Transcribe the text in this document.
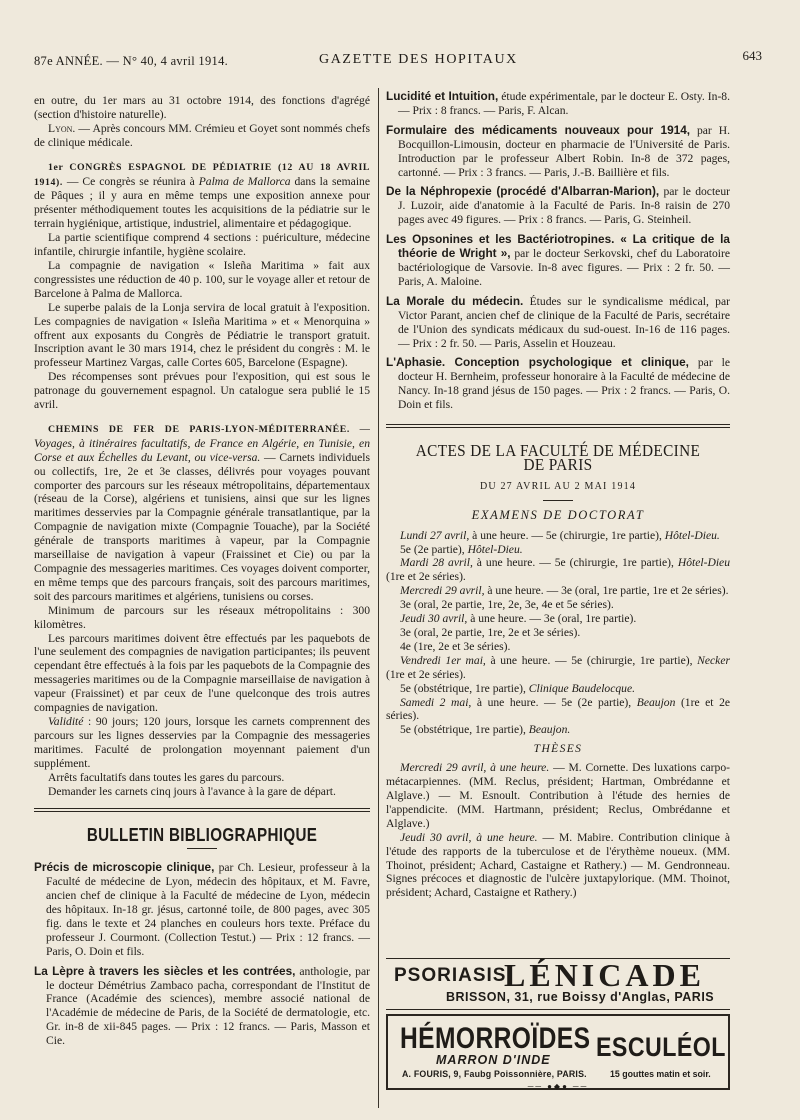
87e ANNÉE. — N° 40, 4 avril 1914.	GAZETTE DES HOPITAUX	643

en outre, du 1er mars au 31 octobre 1914, des fonctions d'agrégé (section d'histoire naturelle).

Lyon. — Après concours MM. Crémieu et Goyet sont nommés chefs de clinique médicale.

1er CONGRÈS ESPAGNOL DE PÉDIATRIE (12 AU 18 AVRIL 1914). — Ce congrès se réunira à Palma de Mallorca dans la semaine de Pâques ; il y aura en même temps une exposition annexe pour présenter méthodiquement toutes les acquisitions de la pédiatrie sur le terrain hygiénique, artistique, industriel, alimentaire et pédagogique.

La partie scientifique comprend 4 sections : puériculture, médecine infantile, chirurgie infantile, hygiène scolaire.

La compagnie de navigation « Isleña Maritima » fait aux congressistes une réduction de 40 p. 100, sur le voyage aller et retour de Barcelone à Palma de Mallorca.

Le superbe palais de la Lonja servira de local gratuit à l'exposition. Les compagnies de navigation « Isleña Maritima » et « Menorquina » offrent aux exposants du Congrès de Pédiatrie le transport gratuit. Inscription avant le 30 mars 1914, chez le président du congrès : M. le professeur Martinez Vargas, calle Cortes 605, Barcelone (Espagne).

Des récompenses sont prévues pour l'exposition, qui est sous le patronage du gouvernement espagnol. Un catalogue sera publié le 15 avril.

CHEMINS DE FER DE PARIS-LYON-MÉDITERRANÉE. — Voyages, à itinéraires facultatifs, de France en Algérie, en Tunisie, en Corse et aux Échelles du Levant, ou vice-versa. — Carnets individuels ou collectifs, 1re, 2e et 3e classes, délivrés pour voyages pouvant comporter des parcours sur les réseaux métropolitains, départementaux (réseau de la Corse), algériens et tunisiens, ainsi que sur les lignes maritimes desservies par la Compagnie générale transatlantique, par la Compagnie de navigation mixte (Compagnie Touache), par la Société générale de transports maritimes à vapeur, par la Compagnie marseillaise de navigation à vapeur (Fraissinet et Cie) ou par la Compagnie des messageries maritimes. Ces voyages doivent comporter, en même temps que des parcours français, soit des parcours maritimes, soit des parcours maritimes et algériens, tunisiens ou corses.

Minimum de parcours sur les réseaux métropolitains : 300 kilomètres.

Les parcours maritimes doivent être effectués par les paquebots de l'une seulement des compagnies de navigation participantes; ils peuvent cependant être effectués à la fois par les paquebots de la Compagnie des messageries maritimes ou de la Compagnie marseillaise de navigation à vapeur (Fraissinet) et par ceux de l'une quelconque des trois autres compagnies de navigation.

Validité : 90 jours; 120 jours, lorsque les carnets comprennent des parcours sur les lignes desservies par la Compagnie des messageries maritimes. Faculté de prolongation moyennant paiement d'un supplément.

Arrêts facultatifs dans toutes les gares du parcours.

Demander les carnets cinq jours à l'avance à la gare de départ.

BULLETIN BIBLIOGRAPHIQUE

Précis de microscopie clinique, par Ch. Lesieur, professeur à la Faculté de médecine de Lyon, médecin des hôpitaux, et M. Favre, ancien chef de clinique à la Faculté de médecine de Lyon, médecin des hôpitaux. In-18 gr. jésus, cartonné toile, de 800 pages, avec 305 fig. dans le texte et 24 planches en couleurs hors texte. Préface du professeur J. Courmont. (Collection Testut.) — Prix : 12 francs. — Paris, O. Doin et fils.

La Lèpre à travers les siècles et les contrées, anthologie, par le docteur Démétrius Zambaco pacha, correspondant de l'Institut de France (Académie des sciences), membre associé national de l'Académie de médecine de Paris, de la Société de dermatologie, etc. Gr. in-8 de xii-845 pages. — Prix : 12 francs. — Paris, Masson et Cie.

Lucidité et Intuition, étude expérimentale, par le docteur E. Osty. In-8. — Prix : 8 francs. — Paris, F. Alcan.

Formulaire des médicaments nouveaux pour 1914, par H. Bocquillon-Limousin, docteur en pharmacie de l'Université de Paris. Introduction par le professeur Albert Robin. In-8 de 372 pages, cartonné. — Prix : 3 francs. — Paris, J.-B. Baillière et fils.

De la Néphropexie (procédé d'Albarran-Marion), par le docteur J. Luzoir, aide d'anatomie à la Faculté de Paris. In-8 raisin de 270 pages avec 49 figures. — Prix : 8 francs. — Paris, G. Steinheil.

Les Opsonines et les Bactériotropines. « La critique de la théorie de Wright », par le docteur Serkovski, chef du Laboratoire bactériologique de Varsovie. In-8 avec figures. — Prix : 2 fr. 50. — Paris, A. Maloine.

La Morale du médecin. Études sur le syndicalisme médical, par Victor Parant, ancien chef de clinique de la Faculté de Paris, secrétaire de l'Union des syndicats médicaux du sud-ouest. In-16 de 116 pages. — Prix : 2 fr. 50. — Paris, Asselin et Houzeau.

L'Aphasie. Conception psychologique et clinique, par le docteur H. Bernheim, professeur honoraire à la Faculté de médecine de Nancy. In-18 grand jésus de 150 pages. — Prix : 2 francs. — Paris, O. Doin et fils.

ACTES DE LA FACULTÉ DE MÉDECINE DE PARIS
DU 27 AVRIL AU 2 MAI 1914
EXAMENS DE DOCTORAT

Lundi 27 avril, à une heure. — 5e (chirurgie, 1re partie), Hôtel-Dieu.

5e (2e partie), Hôtel-Dieu.

Mardi 28 avril, à une heure. — 5e (chirurgie, 1re partie), Hôtel-Dieu (1re et 2e séries).

Mercredi 29 avril, à une heure. — 3e (oral, 1re partie, 1re et 2e séries).

3e (oral, 2e partie, 1re, 2e, 3e, 4e et 5e séries).

Jeudi 30 avril, à une heure. — 3e (oral, 1re partie).

3e (oral, 2e partie, 1re, 2e et 3e séries).

4e (1re, 2e et 3e séries).

Vendredi 1er mai, à une heure. — 5e (chirurgie, 1re partie), Necker (1re et 2e séries).

5e (obstétrique, 1re partie), Clinique Baudelocque.

Samedi 2 mai, à une heure. — 5e (2e partie), Beaujon (1re et 2e séries).

5e (obstétrique, 1re partie), Beaujon.

THÈSES

Mercredi 29 avril, à une heure. — M. Cornette. Des luxations carpo-métacarpiennes. (MM. Reclus, président; Hartman, Ombrédanne et Alglave.) — M. Esnoult. Contribution à l'étude des hernies de l'appendicite. (MM. Hartmann, président; Reclus, Ombrédanne et Alglave.)

Jeudi 30 avril, à une heure. — M. Mabire. Contribution clinique à l'étude des rapports de la tuberculose et de l'érythème noueux. (MM. Thoinot, président; Achard, Castaigne et Rathery.) — M. Gendronneau. Signes précoces et diagnostic de l'ulcère juxtapylorique. (MM. Thoinot, président; Achard, Castaigne et Rathery.)

PSORIASIS
LÉNICADE
BRISSON, 31, rue Boissy d'Anglas, PARIS
HÉMORROÏDES
MARRON D'INDE ESCULÉOL
A. FOURIS, 9, Faubg Poissonnière, PARIS.	15 gouttes matin et soir.
── ●◆● ──
